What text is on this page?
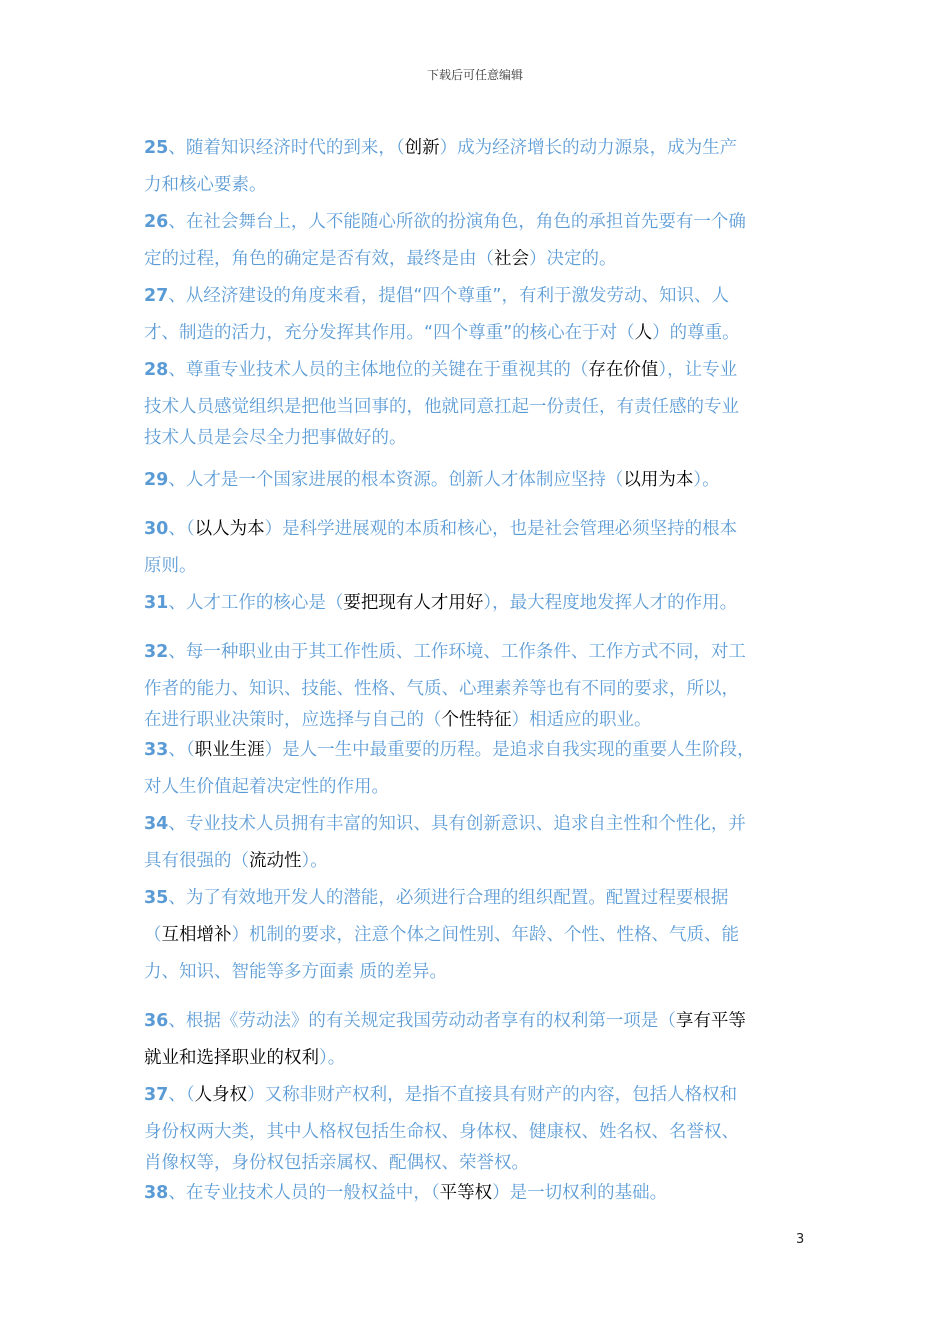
下载后可任意编辑
25、随着知识经济时代的到来，（创新）成为经济增长的动力源泉，成为生产
力和核心要素。
26、在社会舞台上，人不能随心所欲的扮演角色，角色的承担首先要有一个确
定的过程，角色的确定是否有效，最终是由（社会）决定的。
27、从经济建设的角度来看，提倡“四个尊重”，有利于激发劳动、知识、人
才、制造的活力，充分发挥其作用。“四个尊重”的核心在于对（人）的尊重。
28、尊重专业技术人员的主体地位的关键在于重视其的（存在价值），让专业
技术人员感觉组织是把他当回事的，他就同意扛起一份责任，有责任感的专业
技术人员是会尽全力把事做好的。
29、人才是一个国家进展的根本资源。创新人才体制应坚持（以用为本）。
30、（以人为本）是科学进展观的本质和核心，也是社会管理必须坚持的根本
原则。
31、人才工作的核心是（要把现有人才用好），最大程度地发挥人才的作用。
32、每一种职业由于其工作性质、工作环境、工作条件、工作方式不同，对工
作者的能力、知识、技能、性格、气质、心理素养等也有不同的要求，所以，
在进行职业决策时，应选择与自己的（个性特征）相适应的职业。
33、（职业生涯）是人一生中最重要的历程。是追求自我实现的重要人生阶段，
对人生价值起着决定性的作用。
34、专业技术人员拥有丰富的知识、具有创新意识、追求自主性和个性化，并
具有很强的（流动性）。
35、为了有效地开发人的潜能，必须进行合理的组织配置。配置过程要根据
（互相增补）机制的要求，注意个体之间性别、年龄、个性、性格、气质、能
力、知识、智能等多方面素 质的差异。
36、根据《劳动法》的有关规定我国劳动动者享有的权利第一项是（享有平等
就业和选择职业的权利）。
37、（人身权）又称非财产权利，是指不直接具有财产的内容，包括人格权和
身份权两大类，其中人格权包括生命权、身体权、健康权、姓名权、名誉权、
肖像权等，身份权包括亲属权、配偶权、荣誉权。
38、在专业技术人员的一般权益中，（平等权）是一切权利的基础。
3
